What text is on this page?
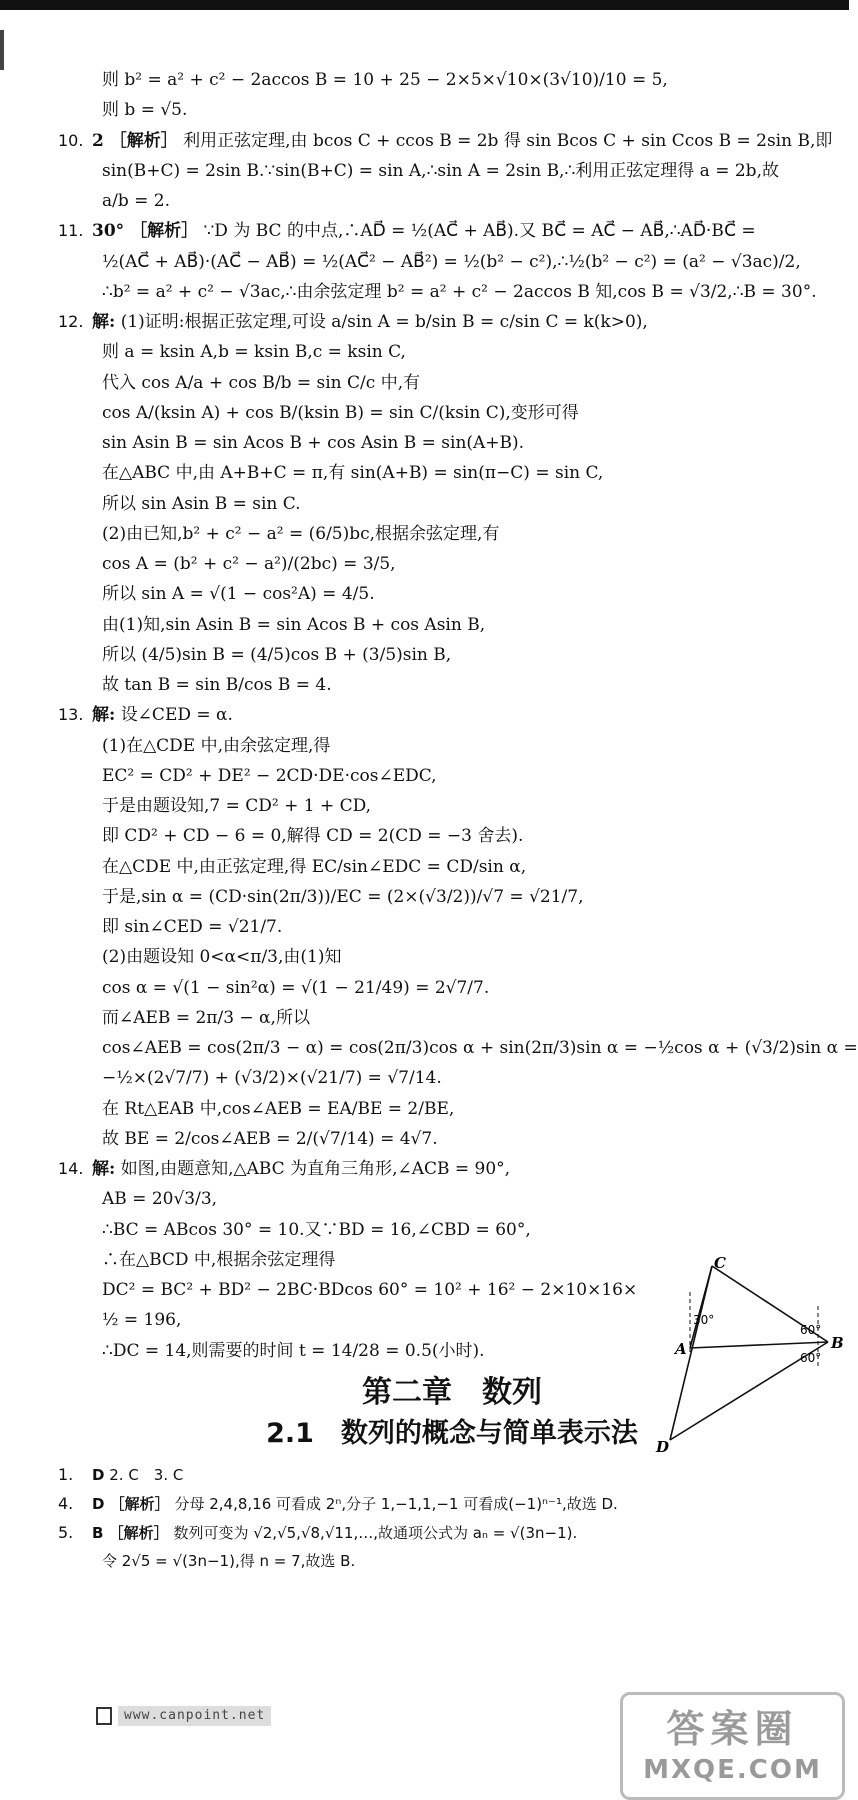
则 b² = a² + c² − 2accos B = 10 + 25 − 2×5×√10×(3√10)/10 = 5,
则 b = √5.
10. 2 ［解析］ 利用正弦定理,由 bcos C + ccos B = 2b 得 sin Bcos C + sin Ccos B = 2sin B,即
sin(B+C) = 2sin B.∵sin(B+C) = sin A,∴sin A = 2sin B,∴利用正弦定理得 a = 2b,故
a/b = 2.
11. 30° ［解析］ ∵D 为 BC 的中点,∴AD⃗ = ½(AC⃗ + AB⃗).又 BC⃗ = AC⃗ − AB⃗,∴AD⃗·BC⃗ =
½(AC⃗ + AB⃗)·(AC⃗ − AB⃗) = ½(AC⃗² − AB⃗²) = ½(b² − c²),∴½(b² − c²) = (a² − √3ac)/2,
∴b² = a² + c² − √3ac,∴由余弦定理 b² = a² + c² − 2accos B 知,cos B = √3/2,∴B = 30°.
12. 解: (1)证明:根据正弦定理,可设 a/sin A = b/sin B = c/sin C = k(k>0),
则 a = ksin A,b = ksin B,c = ksin C,
代入 cos A/a + cos B/b = sin C/c 中,有
cos A/(ksin A) + cos B/(ksin B) = sin C/(ksin C),变形可得
sin Asin B = sin Acos B + cos Asin B = sin(A+B).
在△ABC 中,由 A+B+C = π,有 sin(A+B) = sin(π−C) = sin C,
所以 sin Asin B = sin C.
(2)由已知,b² + c² − a² = (6/5)bc,根据余弦定理,有
cos A = (b² + c² − a²)/(2bc) = 3/5,
所以 sin A = √(1 − cos²A) = 4/5.
由(1)知,sin Asin B = sin Acos B + cos Asin B,
所以 (4/5)sin B = (4/5)cos B + (3/5)sin B,
故 tan B = sin B/cos B = 4.
13. 解: 设∠CED = α.
(1)在△CDE 中,由余弦定理,得
EC² = CD² + DE² − 2CD·DE·cos∠EDC,
于是由题设知,7 = CD² + 1 + CD,
即 CD² + CD − 6 = 0,解得 CD = 2(CD = −3 舍去).
在△CDE 中,由正弦定理,得 EC/sin∠EDC = CD/sin α,
于是,sin α = (CD·sin(2π/3))/EC = (2×(√3/2))/√7 = √21/7,
即 sin∠CED = √21/7.
(2)由题设知 0<α<π/3,由(1)知
cos α = √(1 − sin²α) = √(1 − 21/49) = 2√7/7.
而∠AEB = 2π/3 − α,所以
cos∠AEB = cos(2π/3 − α) = cos(2π/3)cos α + sin(2π/3)sin α = −½cos α + (√3/2)sin α =
−½×(2√7/7) + (√3/2)×(√21/7) = √7/14.
在 Rt△EAB 中,cos∠AEB = EA/BE = 2/BE,
故 BE = 2/cos∠AEB = 2/(√7/14) = 4√7.
14. 解: 如图,由题意知,△ABC 为直角三角形,∠ACB = 90°,
AB = 20√3/3,
∴BC = ABcos 30° = 10.又∵BD = 16,∠CBD = 60°,
∴在△BCD 中,根据余弦定理得
DC² = BC² + BD² − 2BC·BDcos 60° = 10² + 16² − 2×10×16×
½ = 196,
∴DC = 14,则需要的时间 t = 14/28 = 0.5(小时).
第二章　数列
2.1　数列的概念与简单表示法
1. D 2. C　3. C
4. D ［解析］ 分母 2,4,8,16 可看成 2ⁿ,分子 1,−1,1,−1 可看成(−1)ⁿ⁻¹,故选 D.
5. B ［解析］ 数列可变为 √2,√5,√8,√11,…,故通项公式为 aₙ = √(3n−1).
令 2√5 = √(3n−1),得 n = 7,故选 B.
C
A	B
D
30°
60°
60°
www.canpoint.net	答案圈
MXQE.COM
